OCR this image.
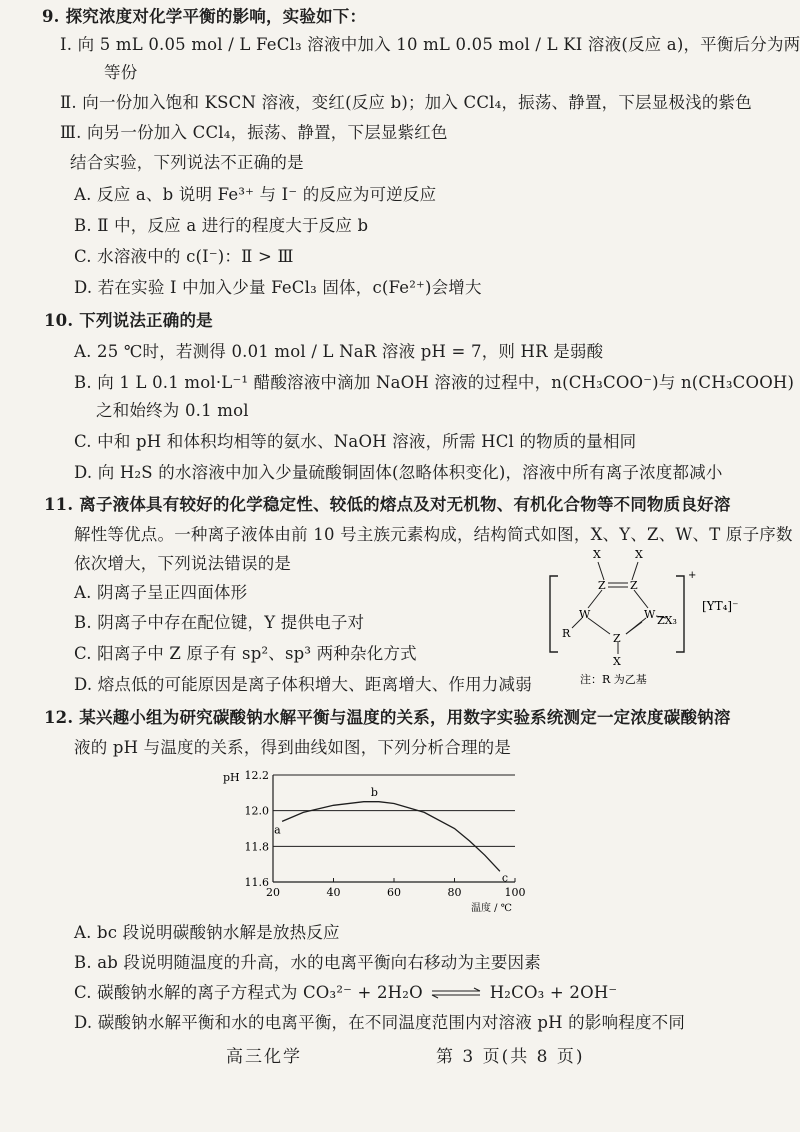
9. 探究浓度对化学平衡的影响，实验如下：
Ⅰ. 向 5 mL 0.05 mol / L FeCl₃ 溶液中加入 10 mL 0.05 mol / L KI 溶液(反应 a)，平衡后分为两
等份
Ⅱ. 向一份加入饱和 KSCN 溶液，变红(反应 b)；加入 CCl₄，振荡、静置，下层显极浅的紫色
Ⅲ. 向另一份加入 CCl₄，振荡、静置，下层显紫红色
结合实验，下列说法不正确的是
A. 反应 a、b 说明 Fe³⁺ 与 I⁻ 的反应为可逆反应
B. Ⅱ 中，反应 a 进行的程度大于反应 b
C. 水溶液中的 c(I⁻)：Ⅱ > Ⅲ
D. 若在实验 Ⅰ 中加入少量 FeCl₃ 固体，c(Fe²⁺)会增大
10. 下列说法正确的是
A. 25 ℃时，若测得 0.01 mol / L NaR 溶液 pH = 7，则 HR 是弱酸
B. 向 1 L 0.1 mol·L⁻¹ 醋酸溶液中滴加 NaOH 溶液的过程中，n(CH₃COO⁻)与 n(CH₃COOH)
之和始终为 0.1 mol
C. 中和 pH 和体积均相等的氨水、NaOH 溶液，所需 HCl 的物质的量相同
D. 向 H₂S 的水溶液中加入少量硫酸铜固体(忽略体积变化)，溶液中所有离子浓度都减小
11. 离子液体具有较好的化学稳定性、较低的熔点及对无机物、有机化合物等不同物质良好溶
解性等优点。一种离子液体由前 10 号主族元素构成，结构简式如图，X、Y、Z、W、T 原子序数
依次增大，下列说法错误的是
A. 阴离子呈正四面体形
B. 阴离子中存在配位键，Y 提供电子对
C. 阳离子中 Z 原子有 sp²、sp³ 两种杂化方式
D. 熔点低的可能原因是离子体积增大、距离增大、作用力减弱
X	X
Z Z
W	W
Z
X
R
ZX₃
+
[YT₄]⁻
注：R 为乙基
12. 某兴趣小组为研究碳酸钠水解平衡与温度的关系，用数字实验系统测定一定浓度碳酸钠溶
液的 pH 与温度的关系，得到曲线如图，下列分析合理的是
12.2
12.0
11.8
11.6
20	40	60	80	100
a
b
c
pH
温度 / ℃
A. bc 段说明碳酸钠水解是放热反应
B. ab 段说明随温度的升高，水的电离平衡向右移动为主要因素
C. 碳酸钠水解的离子方程式为 CO₃²⁻ + 2H₂O ⇌ H₂CO₃ + 2OH⁻
D. 碳酸钠水解平衡和水的电离平衡，在不同温度范围内对溶液 pH 的影响程度不同
高三化学	第 3 页(共 8 页)
